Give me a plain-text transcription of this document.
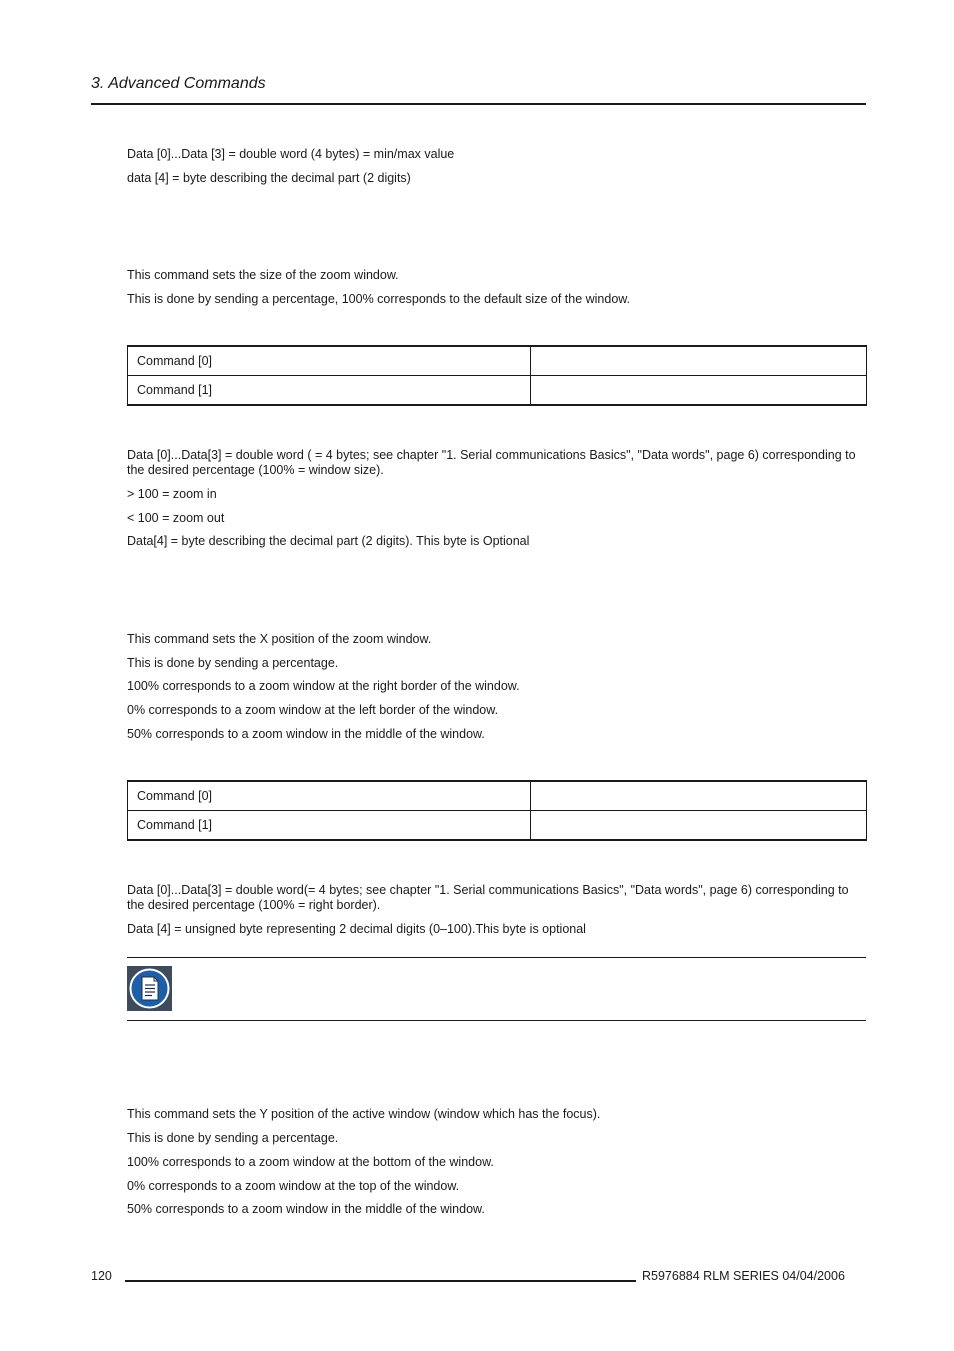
3. Advanced Commands
Data [0]...Data [3] = double word (4 bytes) = min/max value
data [4] = byte describing the decimal part (2 digits)
This command sets the size of the zoom window.
This is done by sending a percentage, 100% corresponds to the default size of the window.
Command [0]	
Command [1]	
Data [0]...Data[3] = double word ( = 4 bytes; see chapter "1. Serial communications Basics", "Data words", page 6) corresponding to the desired percentage (100% = window size).
> 100 = zoom in
< 100 = zoom out
Data[4] = byte describing the decimal part (2 digits). This byte is Optional
This command sets the X position of the zoom window.
This is done by sending a percentage.
100% corresponds to a zoom window at the right border of the window.
0% corresponds to a zoom window at the left border of the window.
50% corresponds to a zoom window in the middle of the window.
Command [0]	
Command [1]	
Data [0]...Data[3] = double word(= 4 bytes; see chapter "1. Serial communications Basics", "Data words", page 6) corresponding to the desired percentage (100% = right border).
Data [4] = unsigned byte representing 2 decimal digits (0–100).This byte is optional
This command sets the Y position of the active window (window which has the focus).
This is done by sending a percentage.
100% corresponds to a zoom window at the bottom of the window.
0% corresponds to a zoom window at the top of the window.
50% corresponds to a zoom window in the middle of the window.
120	R5976884 RLM SERIES 04/04/2006
